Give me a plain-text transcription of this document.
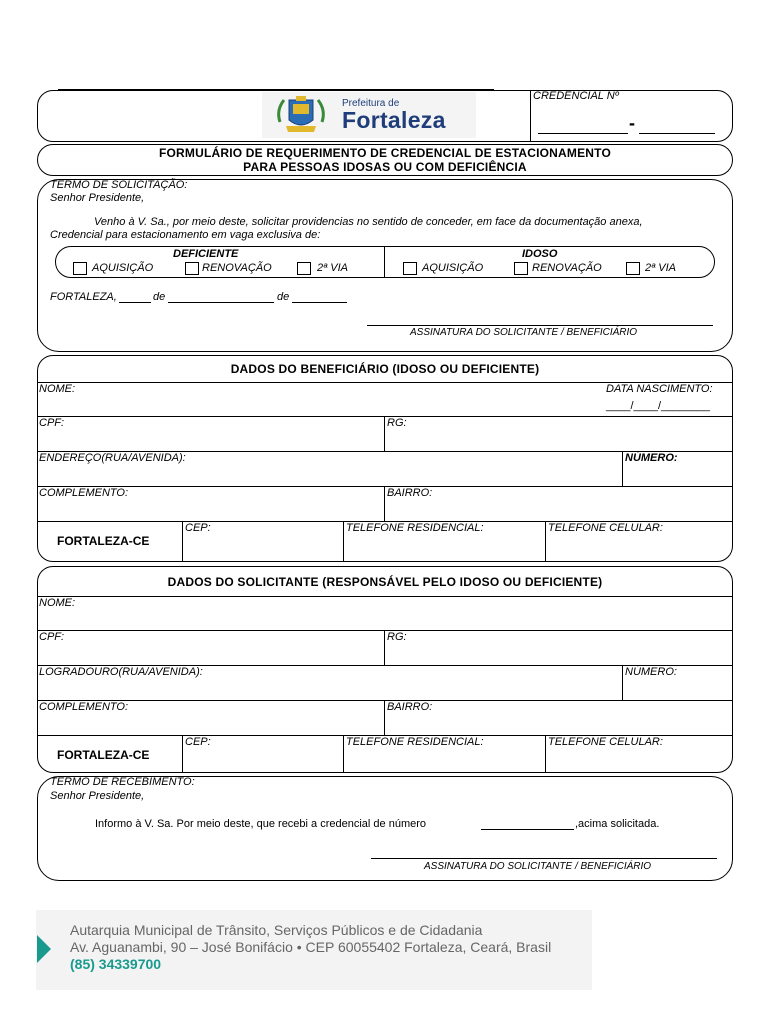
Prefeitura de
Fortaleza
CREDENCIAL Nº
-
FORMULÁRIO DE REQUERIMENTO DE CREDENCIAL DE ESTACIONAMENTO
PARA PESSOAS IDOSAS OU COM DEFICIÊNCIA
TERMO DE SOLICITAÇÃO:
Senhor Presidente,
Venho à V. Sa., por meio deste, solicitar providencias no sentido de conceder, em face da documentação anexa,
Credencial para estacionamento em vaga exclusiva de:
DEFICIENTE
AQUISIÇÃO	RENOVAÇÃO	2ª VIA
IDOSO
AQUISIÇÃO	RENOVAÇÃO	2ª VIA
FORTALEZA,	de	de
ASSINATURA DO SOLICITANTE / BENEFICIÁRIO
DADOS DO BENEFICIÁRIO (IDOSO OU DEFICIENTE)
NOME:	DATA NASCIMENTO:
____/____/________
CPF:	RG:
ENDEREÇO(RUA/AVENIDA):	NÚMERO:
COMPLEMENTO:	BAIRRO:
FORTALEZA-CE
CEP:	TELEFONE RESIDENCIAL:	TELEFONE CELULAR:
DADOS DO SOLICITANTE (RESPONSÁVEL PELO IDOSO OU DEFICIENTE)
NOME:
CPF:	RG:
LOGRADOURO(RUA/AVENIDA):	NÚMERO:
COMPLEMENTO:	BAIRRO:
FORTALEZA-CE
CEP:	TELEFONE RESIDENCIAL:	TELEFONE CELULAR:
TERMO DE RECEBIMENTO:
Senhor Presidente,
Informo à V. Sa. Por meio deste, que recebi a credencial de número	,acima solicitada.
ASSINATURA DO SOLICITANTE / BENEFICIÁRIO
Autarquia Municipal de Trânsito, Serviços Públicos e de Cidadania
Av. Aguanambi, 90 – José Bonifácio • CEP 60055402 Fortaleza, Ceará, Brasil
(85) 34339700
